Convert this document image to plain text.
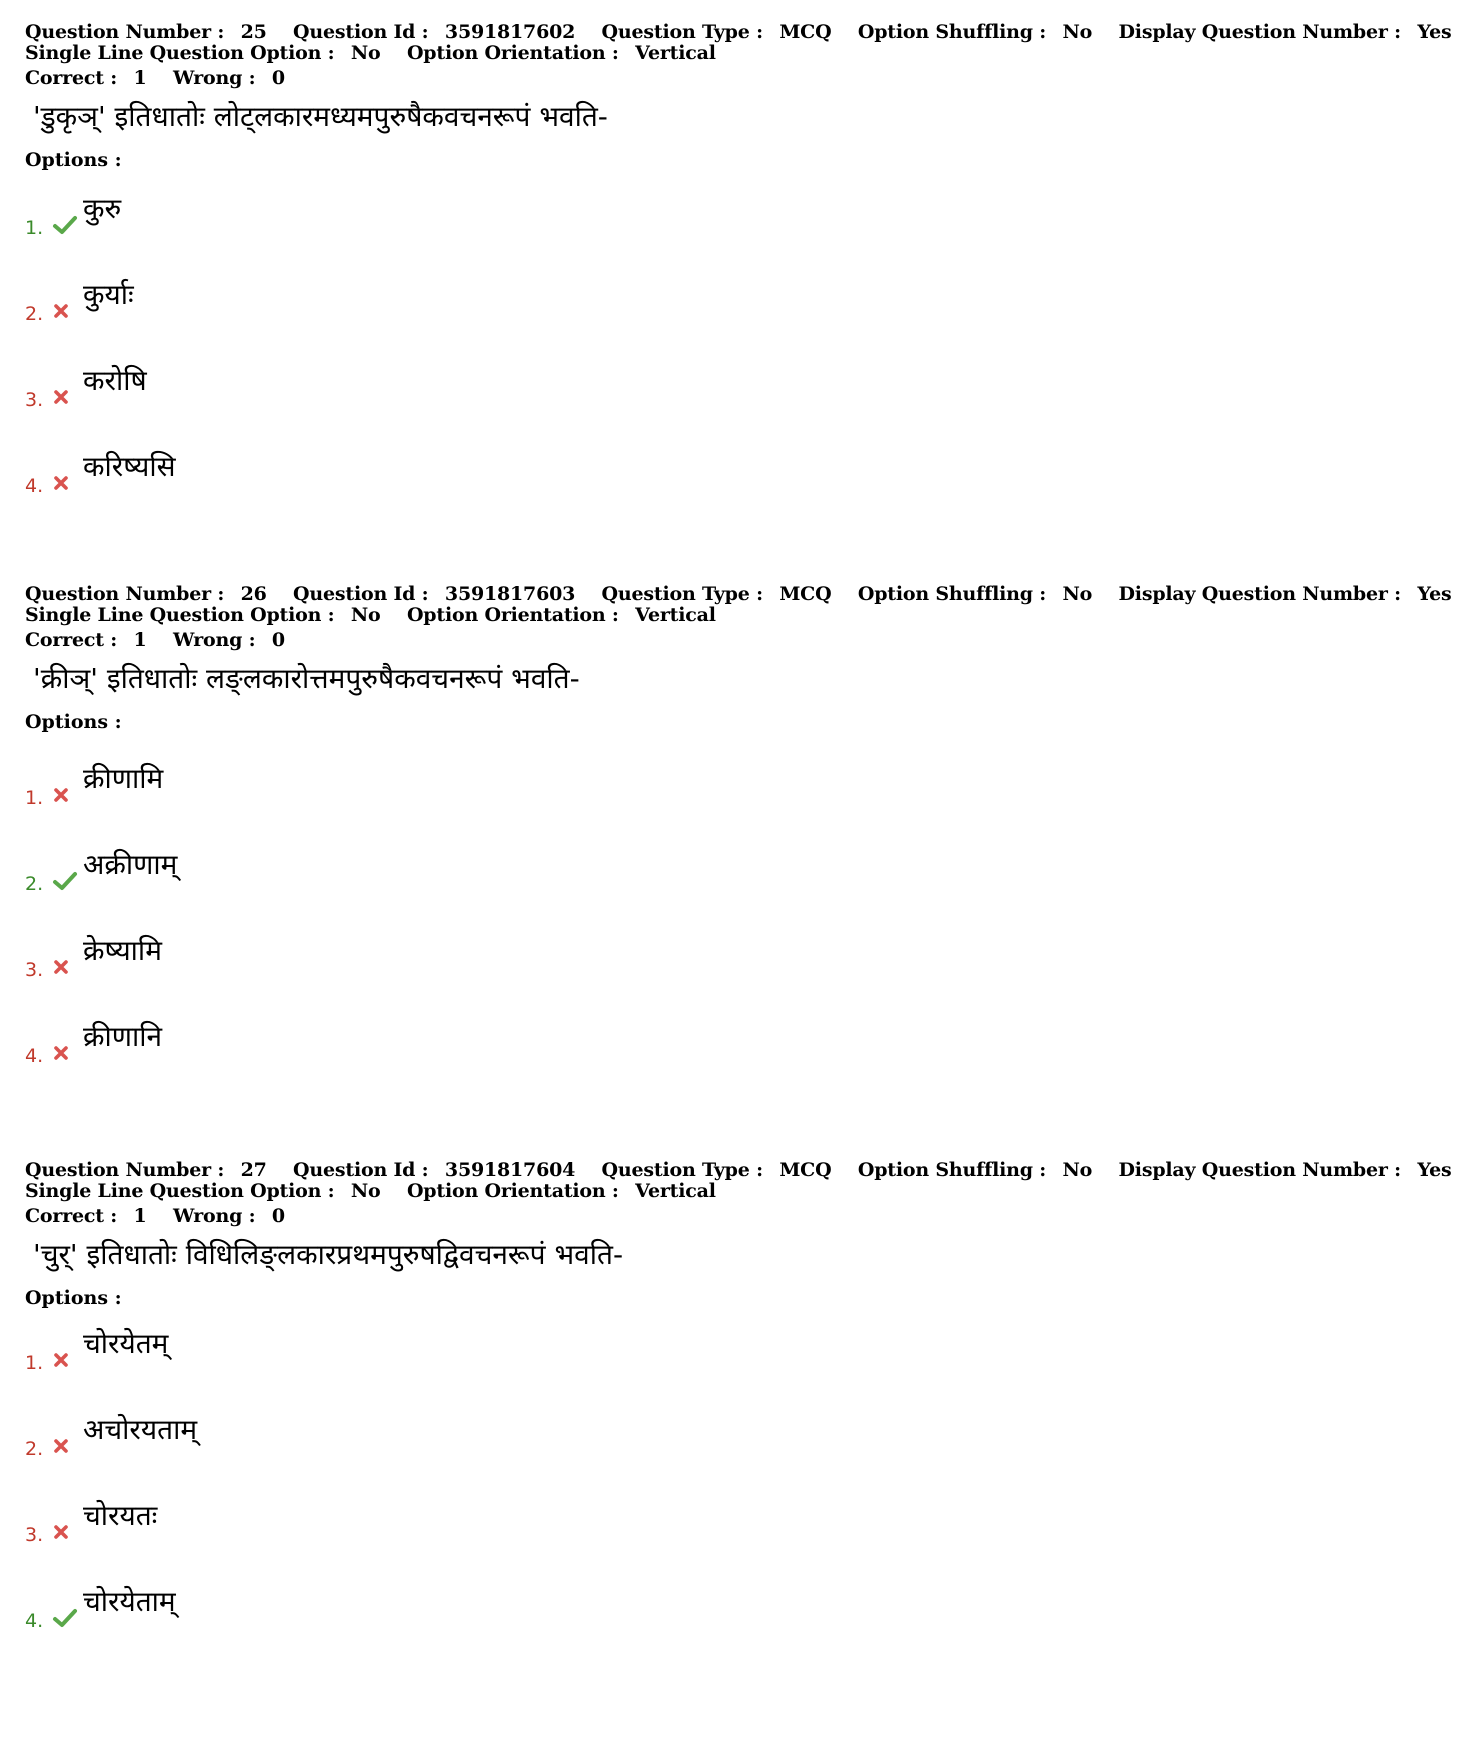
Question Number : 25 Question Id : 3591817602 Question Type : MCQ Option Shuffling : No Display Question Number : Yes
Single Line Question Option : No Option Orientation : Vertical
Correct : 1 Wrong : 0
'डुकृञ्' इतिधातोः लोट्लकारमध्यमपुरुषैकवचनरूपं भवति-
Options :
1.
कुरु
2.
कुर्याः
3.
करोषि
4.
करिष्यसि
Question Number : 26 Question Id : 3591817603 Question Type : MCQ Option Shuffling : No Display Question Number : Yes
Single Line Question Option : No Option Orientation : Vertical
Correct : 1 Wrong : 0
'क्रीञ्' इतिधातोः लङ्लकारोत्तमपुरुषैकवचनरूपं भवति-
Options :
1.
क्रीणामि
2.
अक्रीणाम्
3.
क्रेष्यामि
4.
क्रीणानि
Question Number : 27 Question Id : 3591817604 Question Type : MCQ Option Shuffling : No Display Question Number : Yes
Single Line Question Option : No Option Orientation : Vertical
Correct : 1 Wrong : 0
'चुर्' इतिधातोः विधिलिङ्लकारप्रथमपुरुषद्विवचनरूपं भवति-
Options :
1.
चोरयेतम्
2.
अचोरयताम्
3.
चोरयतः
4.
चोरयेताम्
